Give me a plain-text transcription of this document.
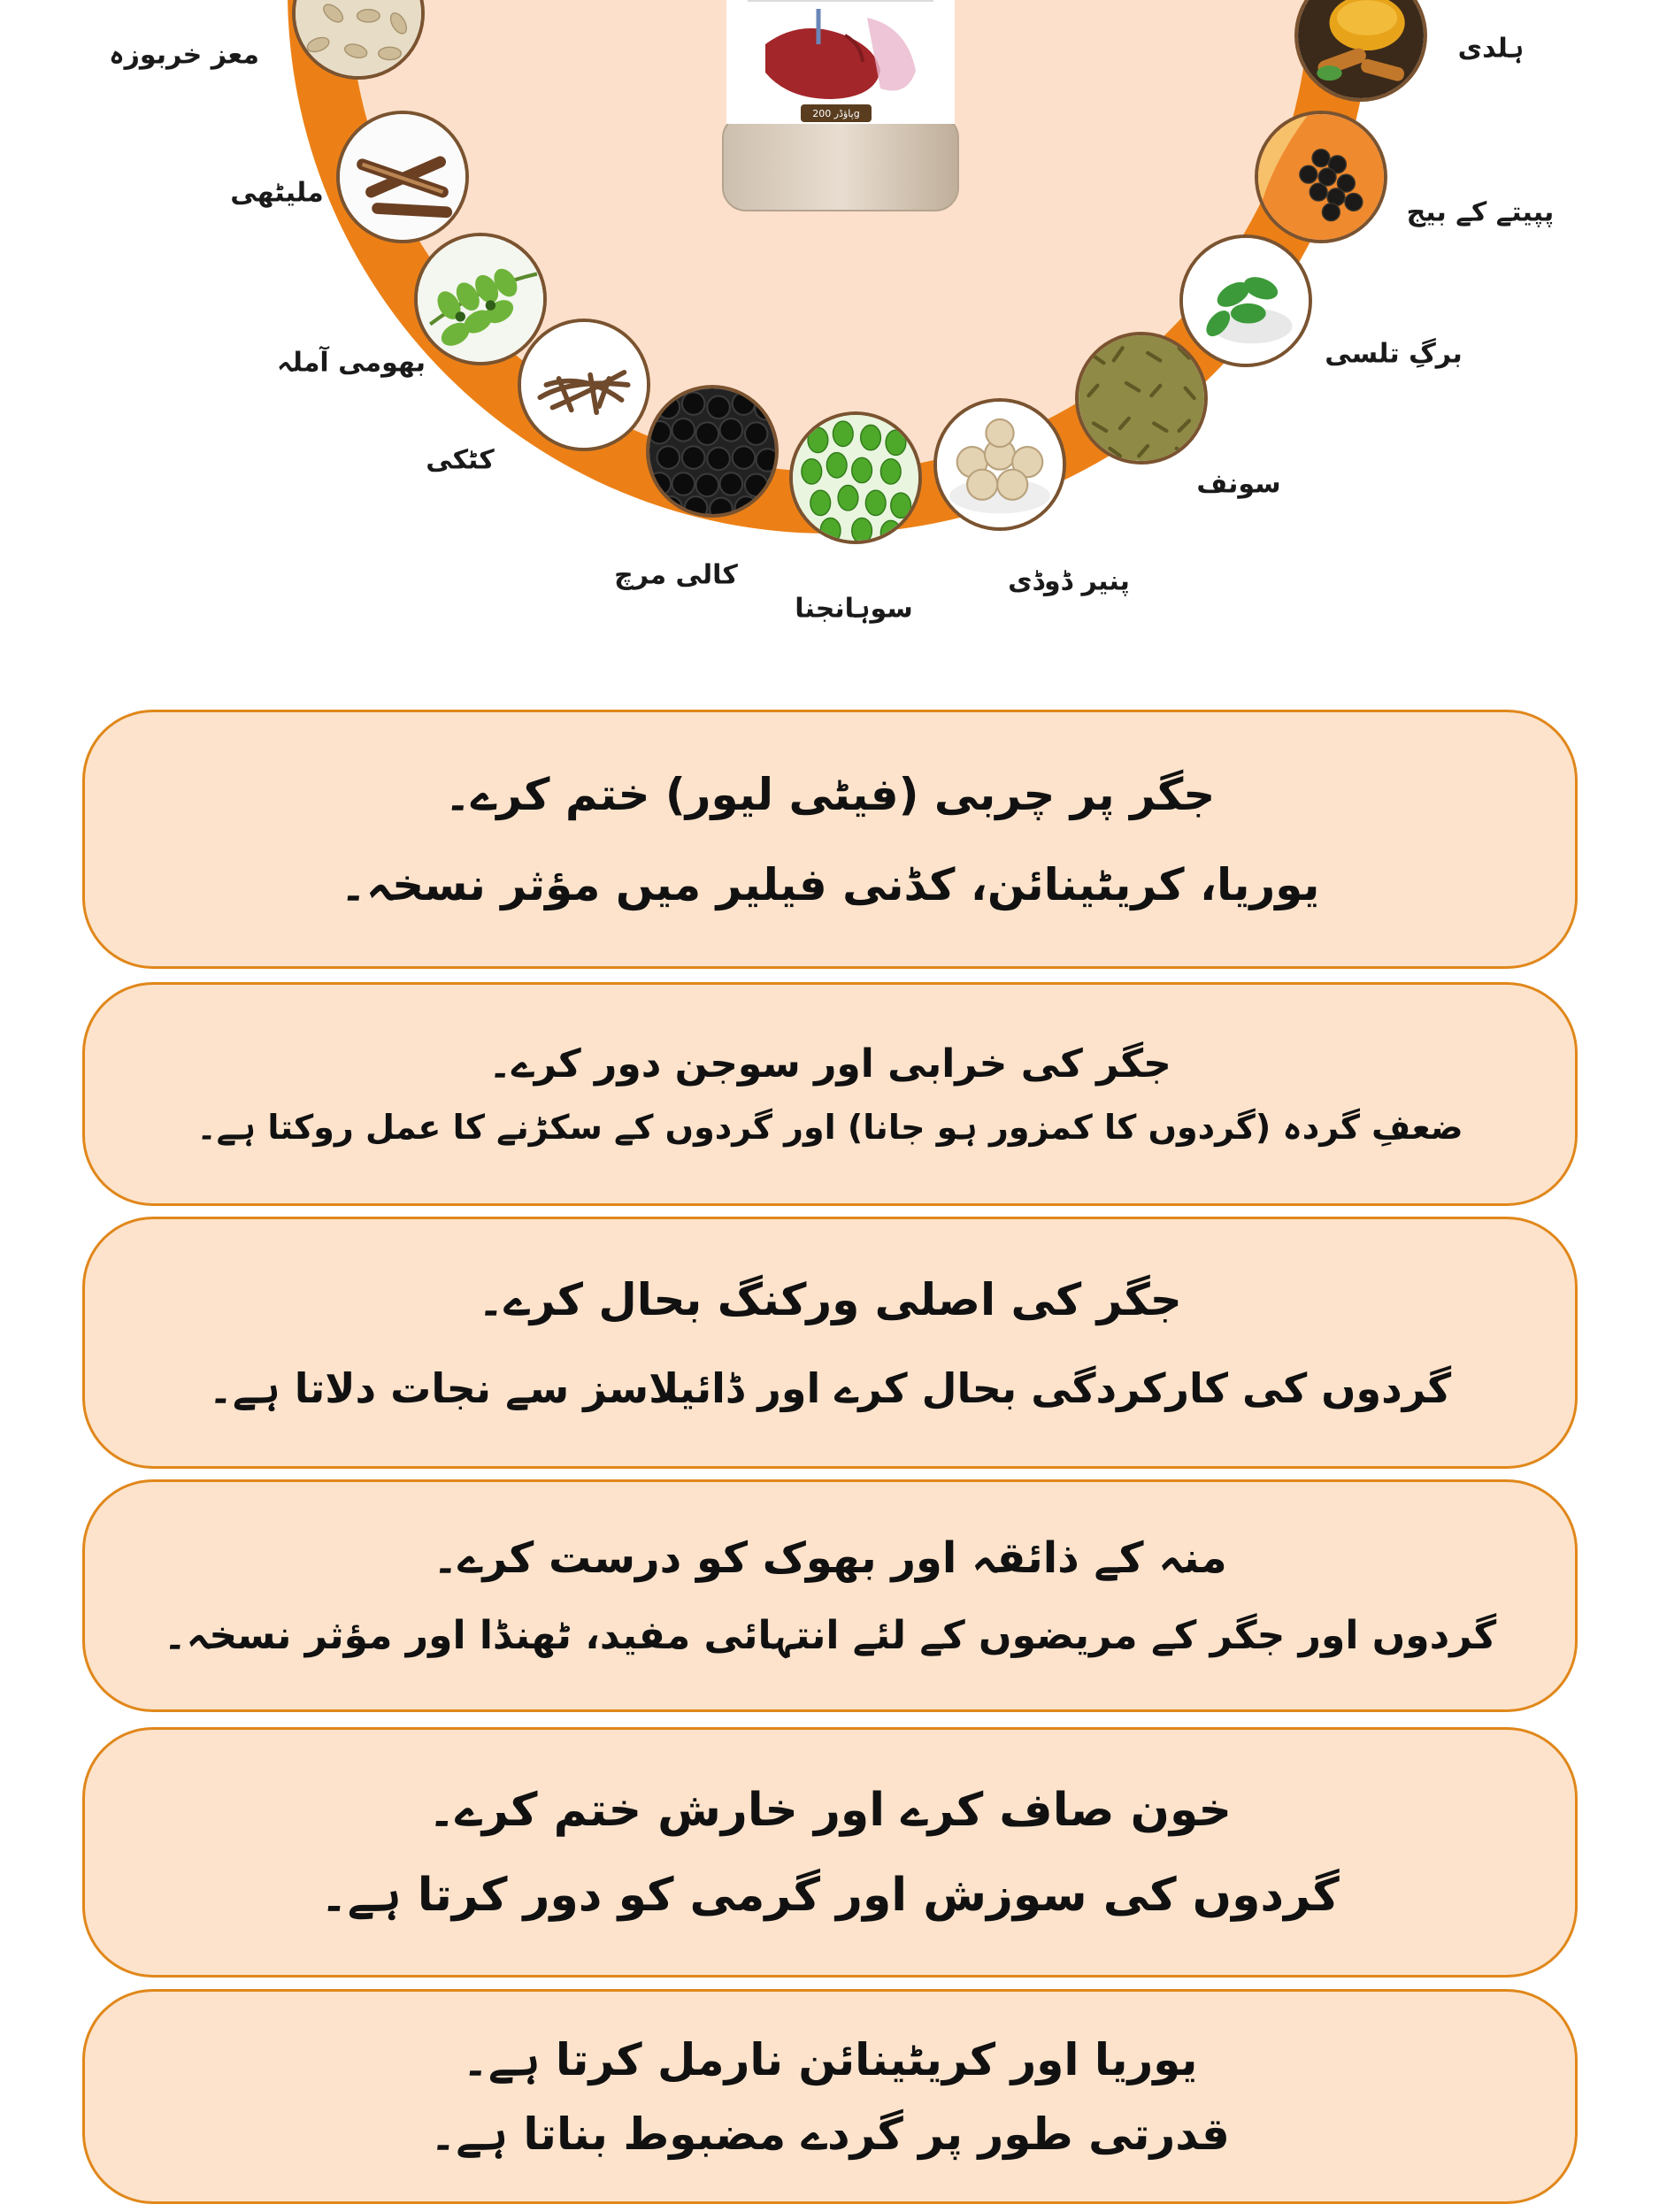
پاؤڈر 200g
معز خربوزہ
ملیٹھی
بھومی آملہ
کٹکی
کالی مرچ
سوہانجنا
پنیر ڈوڈی
سونف
برگِ تلسی
پپیتے کے بیج
ہلدی
جگر پر چربی (فیٹی لیور) ختم کرے۔
یوریا، کریٹینائن، کڈنی فیلیر میں مؤثر نسخہ۔
جگر کی خرابی اور سوجن دور کرے۔
ضعفِ گردہ (گردوں کا کمزور ہو جانا) اور گردوں کے سکڑنے کا عمل روکتا ہے۔
جگر کی اصلی ورکنگ بحال کرے۔
گردوں کی کارکردگی بحال کرے اور ڈائیلاسز سے نجات دلاتا ہے۔
منہ کے ذائقہ اور بھوک کو درست کرے۔
گردوں اور جگر کے مریضوں کے لئے انتہائی مفید، ٹھنڈا اور مؤثر نسخہ۔
خون صاف کرے اور خارش ختم کرے۔
گردوں کی سوزش اور گرمی کو دور کرتا ہے۔
یوریا اور کریٹینائن نارمل کرتا ہے۔
قدرتی طور پر گردے مضبوط بناتا ہے۔
